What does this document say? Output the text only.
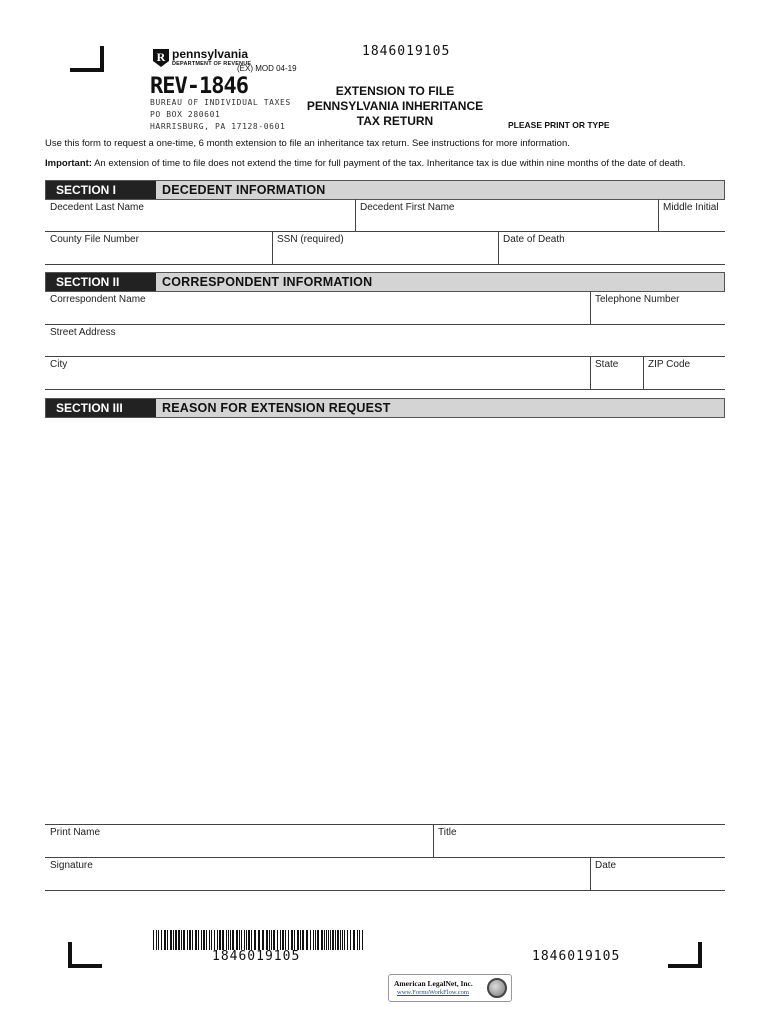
1846019105
R pennsylvania
DEPARTMENT OF REVENUE
(EX) MOD 04-19
REV-1846
BUREAU OF INDIVIDUAL TAXES
PO BOX 280601
HARRISBURG, PA 17128-0601
EXTENSION TO FILE
PENNSYLVANIA INHERITANCE
TAX RETURN	PLEASE PRINT OR TYPE
Use this form to request a one-time, 6 month extension to file an inheritance tax return. See instructions for more information.
Important: An extension of time to file does not extend the time for full payment of the tax. Inheritance tax is due within nine months of the date of death.
SECTION I	DECEDENT INFORMATION
Decedent Last Name	Decedent First Name	Middle Initial
County File Number	SSN (required)	Date of Death
SECTION II	CORRESPONDENT INFORMATION
Correspondent Name	Telephone Number
Street Address
City	State	ZIP Code
SECTION III	REASON FOR EXTENSION REQUEST
Print Name	Title
Signature	Date
1846019105	1846019105
American LegalNet, Inc.
www.FormsWorkFlow.com
